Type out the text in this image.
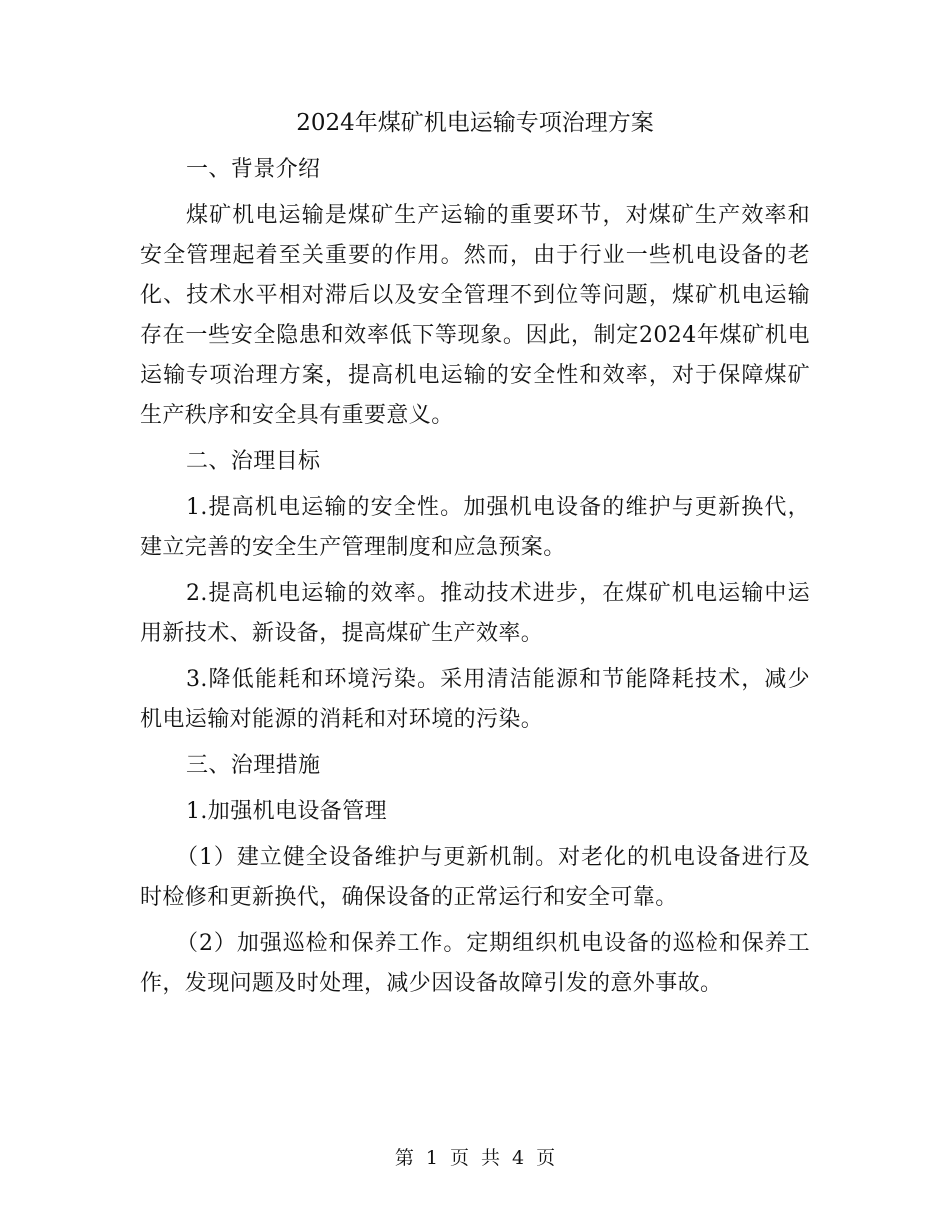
2024年煤矿机电运输专项治理方案

一、背景介绍

煤矿机电运输是煤矿生产运输的重要环节，对煤矿生产效率和安全管理起着至关重要的作用。然而，由于行业一些机电设备的老化、技术水平相对滞后以及安全管理不到位等问题，煤矿机电运输存在一些安全隐患和效率低下等现象。因此，制定2024年煤矿机电运输专项治理方案，提高机电运输的安全性和效率，对于保障煤矿生产秩序和安全具有重要意义。

二、治理目标

1.提高机电运输的安全性。加强机电设备的维护与更新换代，建立完善的安全生产管理制度和应急预案。

2.提高机电运输的效率。推动技术进步，在煤矿机电运输中运用新技术、新设备，提高煤矿生产效率。

3.降低能耗和环境污染。采用清洁能源和节能降耗技术，减少机电运输对能源的消耗和对环境的污染。

三、治理措施

1.加强机电设备管理

（1）建立健全设备维护与更新机制。对老化的机电设备进行及时检修和更新换代，确保设备的正常运行和安全可靠。

（2）加强巡检和保养工作。定期组织机电设备的巡检和保养工作，发现问题及时处理，减少因设备故障引发的意外事故。

第 1 页 共 4 页
